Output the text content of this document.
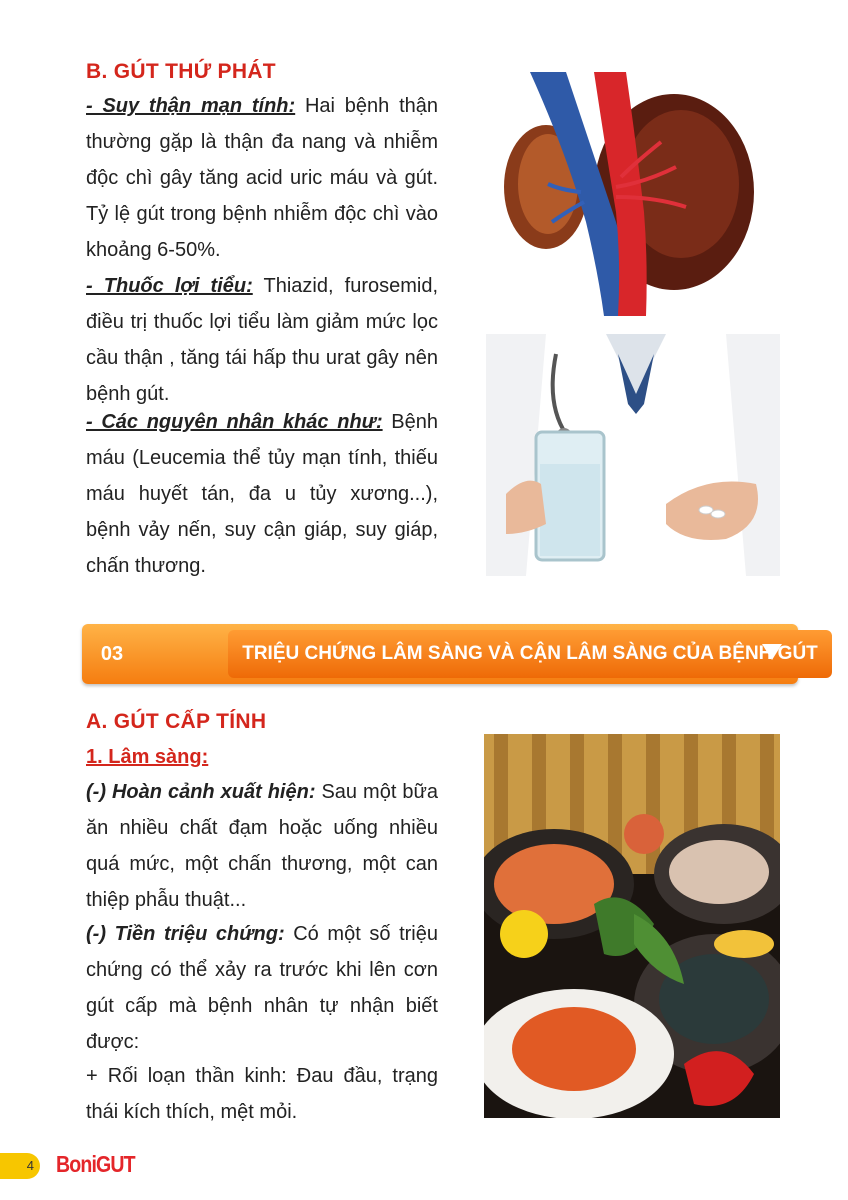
B. GÚT THỨ PHÁT
- Suy thận mạn tính: Hai bệnh thận thường gặp là thận đa nang và nhiễm độc chì gây tăng acid uric máu và gút. Tỷ lệ gút trong bệnh nhiễm độc chì vào khoảng 6-50%.
- Thuốc lợi tiểu: Thiazid, furosemid, điều trị thuốc lợi tiểu làm giảm mức lọc cầu thận , tăng tái hấp thu urat gây nên bệnh gút.
- Các nguyên nhân khác như: Bệnh máu (Leucemia thể tủy mạn tính, thiếu máu huyết tán, đa u tủy xương...), bệnh vảy nến, suy cận giáp, suy giáp, chấn thương.
03	TRIỆU CHỨNG LÂM SÀNG VÀ CẬN LÂM SÀNG CỦA BỆNH GÚT
A. GÚT CẤP TÍNH
1. Lâm sàng:
(-) Hoàn cảnh xuất hiện: Sau một bữa ăn nhiều chất đạm hoặc uống nhiều quá mức, một chấn thương, một can thiệp phẫu thuật...
(-) Tiền triệu chứng: Có một số triệu chứng có thể xảy ra trước khi lên cơn gút cấp mà bệnh nhân tự nhận biết được:
+ Rối loạn thần kinh: Đau đầu, trạng thái kích thích, mệt mỏi.
4 BoniGUT
